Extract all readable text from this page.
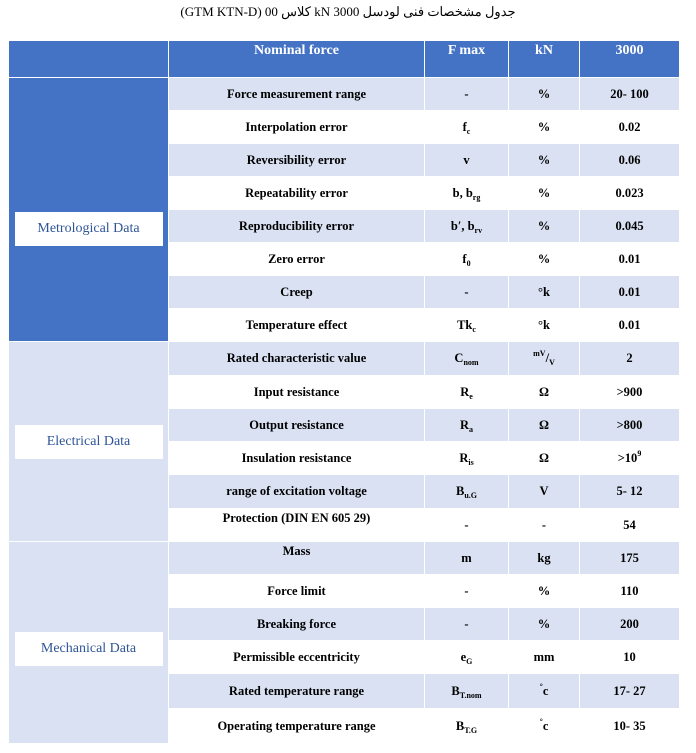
جدول مشخصات فنی لودسل 3000 kN کلاس 00 (GTM KTN-D)
	Nominal force	F max	kN	3000

Metrological Data	Force measurement range	-	%	20- 100
	Interpolation error	$f_c$	%	0.02
	Reversibility error	v	%	0.06
	Repeatability error	b, $b_{rg}$	%	0.023
	Reproducibility error	b′, $b_{rv}$	%	0.045
	Zero error	$f_0$	%	0.01
	Creep	-	°k	0.01
	Temperature effect	$Tk_c$	°k	0.01

Electrical Data	Rated characteristic value	$C_{nom}$	$^{mV}/_V$	2
	Input resistance	$R_e$	Ω	>900
	Output resistance	$R_a$	Ω	>800
	Insulation resistance	$R_{is}$	Ω	$>10^9$
	range of excitation voltage	$B_{u.G}$	V	5- 12
	Protection (DIN EN 605 29)	-	-	54

Mechanical Data	Mass	m	kg	175
	Force limit	-	%	110
	Breaking force	-	%	200
	Permissible eccentricity	$e_G$	mm	10
	Rated temperature range	$B_{T.nom}$	°c	17- 27
	Operating temperature range	$B_{T.G}$	°c	10- 35
